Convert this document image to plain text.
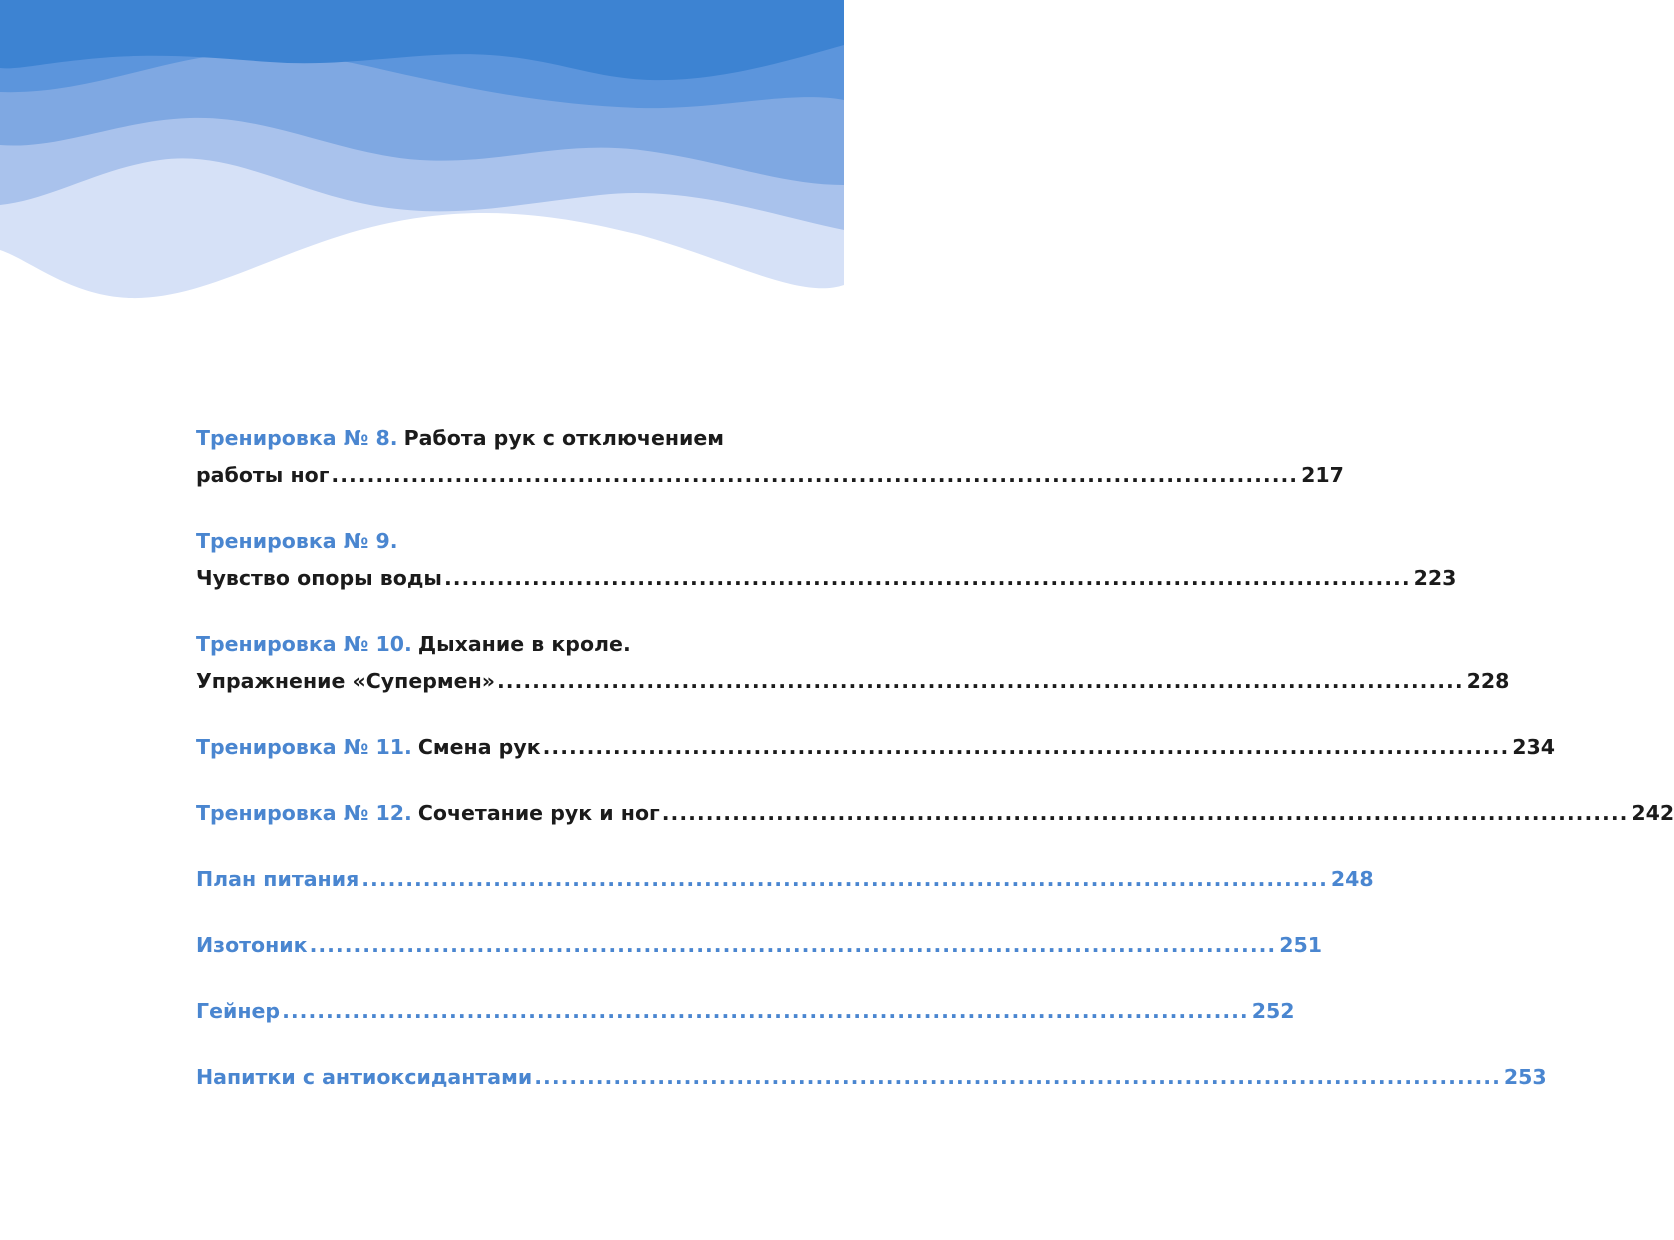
Тренировка № 8. Работа рук с отключением
работы ног .............................................................................................................. 217
Тренировка № 9.
Чувство опоры воды .............................................................................................................. 223
Тренировка № 10. Дыхание в кроле.
Упражнение «Супермен» .............................................................................................................. 228
Тренировка № 11. Смена рук .............................................................................................................. 234
Тренировка № 12. Сочетание рук и ног .............................................................................................................. 242
План питания .............................................................................................................. 248
Изотоник .............................................................................................................. 251
Гейнер .............................................................................................................. 252
Напитки с антиоксидантами .............................................................................................................. 253
